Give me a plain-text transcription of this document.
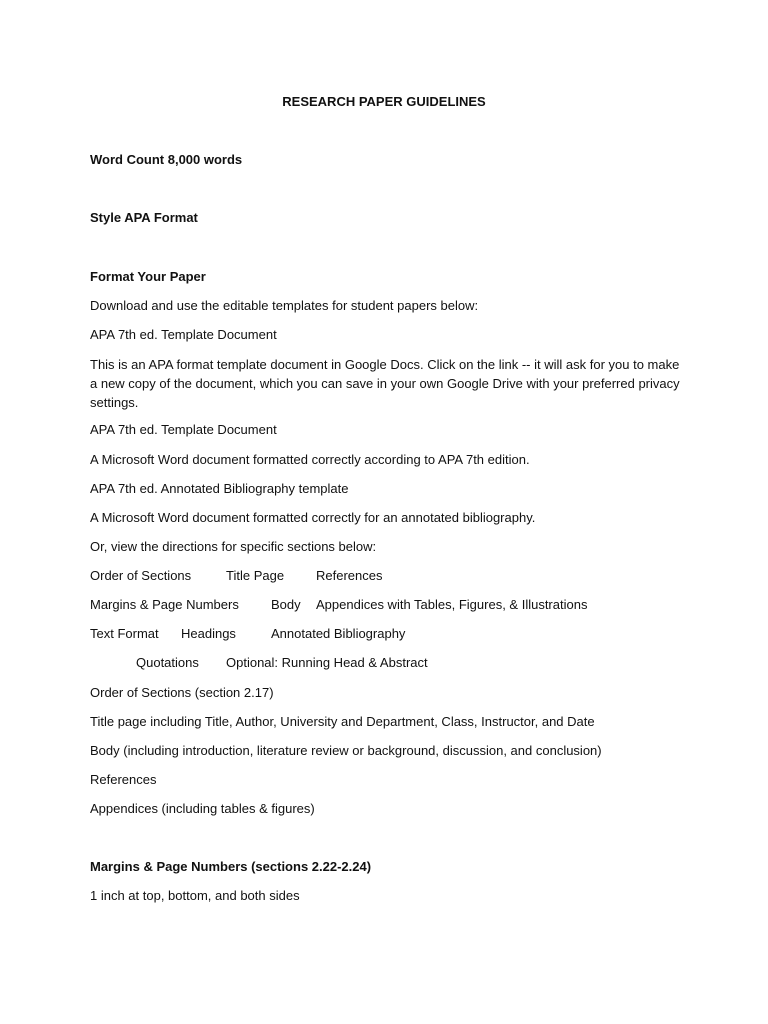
RESEARCH PAPER GUIDELINES
Word Count 8,000 words
Style APA Format
Format Your Paper
Download and use the editable templates for student papers below:
APA 7th ed. Template Document
This is an APA format template document in Google Docs. Click on the link -- it will ask for you to make a new copy of the document, which you can save in your own Google Drive with your preferred privacy settings.
APA 7th ed. Template Document
A Microsoft Word document formatted correctly according to APA 7th edition.
APA 7th ed. Annotated Bibliography template
A Microsoft Word document formatted correctly for an annotated bibliography.
Or, view the directions for specific sections below:
Order of Sections	Title Page References
Margins & Page Numbers Body Appendices with Tables, Figures, & Illustrations
Text Format Headings	Annotated Bibliography
Quotations Optional: Running Head & Abstract
Order of Sections (section 2.17)
Title page including Title, Author, University and Department, Class, Instructor, and Date
Body (including introduction, literature review or background, discussion, and conclusion)
References
Appendices (including tables & figures)
Margins & Page Numbers (sections 2.22-2.24)
1 inch at top, bottom, and both sides
